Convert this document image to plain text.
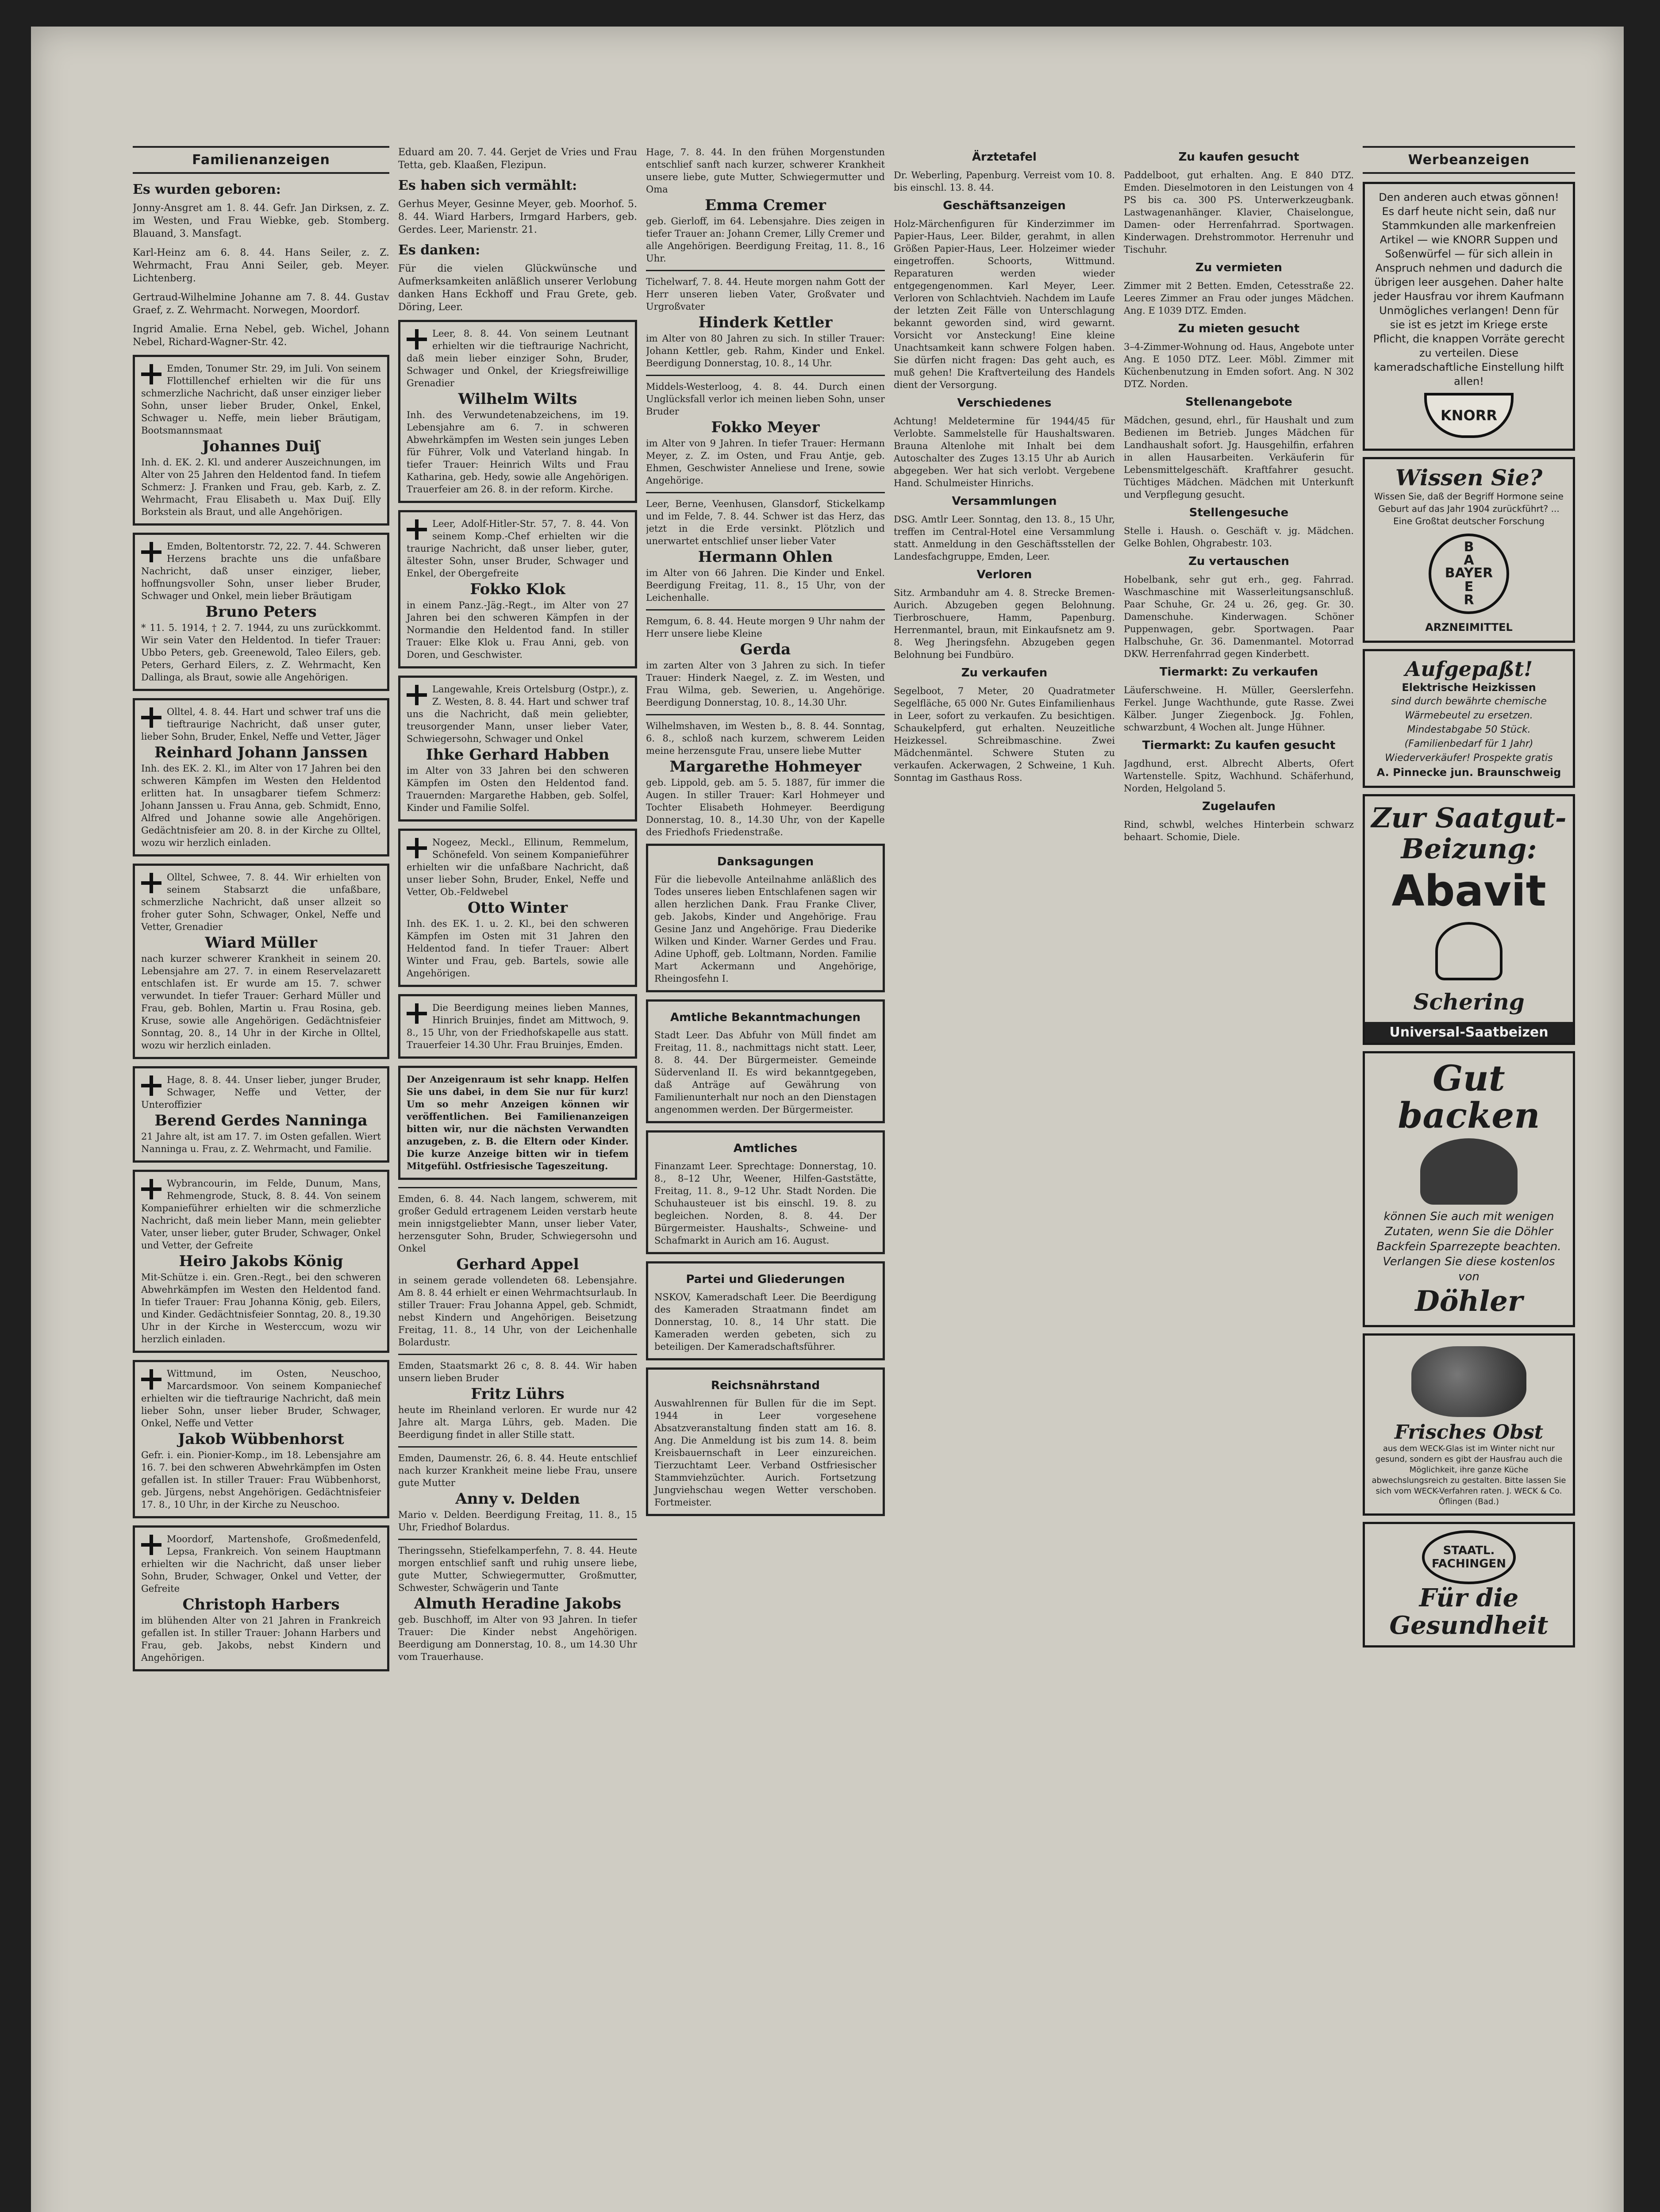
Familienanzeigen
Es wurden geboren:

Jonny-Ansgret am 1. 8. 44. Gefr. Jan Dirksen, z. Z. im Westen, und Frau Wiebke, geb. Stomberg. Blauand, 3. Mansfagt.

Karl-Heinz am 6. 8. 44. Hans Seiler, z. Z. Wehrmacht, Frau Anni Seiler, geb. Meyer. Lichtenberg.

Gertraud-Wilhelmine Johanne am 7. 8. 44. Gustav Graef, z. Z. Wehrmacht. Norwegen, Moordorf.

Ingrid Amalie. Erna Nebel, geb. Wichel, Johann Nebel, Richard-Wagner-Str. 42.

Emden, Tonumer Str. 29, im Juli. Von seinem Flottillenchef erhielten wir die für uns schmerzliche Nachricht, daß unser einziger lieber Sohn, unser lieber Bruder, Onkel, Enkel, Schwager u. Neffe, mein lieber Bräutigam, Bootsmannsmaat
Johannes Duiʃ
Inh. d. EK. 2. Kl. und anderer Auszeichnungen, im Alter von 25 Jahren den Heldentod fand. In tiefem Schmerz: J. Franken und Frau, geb. Karb, z. Z. Wehrmacht, Frau Elisabeth u. Max Duiʃ. Elly Borkstein als Braut, und alle Angehörigen.
Emden, Boltentorstr. 72, 22. 7. 44. Schweren Herzens brachte uns die unfaßbare Nachricht, daß unser einziger, lieber, hoffnungsvoller Sohn, unser lieber Bruder, Schwager und Onkel, mein lieber Bräutigam
Bruno Peters
* 11. 5. 1914, † 2. 7. 1944, zu uns zurückkommt. Wir sein Vater den Heldentod. In tiefer Trauer: Ubbo Peters, geb. Greenewold, Taleo Eilers, geb. Peters, Gerhard Eilers, z. Z. Wehrmacht, Ken Dallinga, als Braut, sowie alle Angehörigen.
Olltel, 4. 8. 44. Hart und schwer traf uns die tieftraurige Nachricht, daß unser guter, lieber Sohn, Bruder, Enkel, Neffe und Vetter, Jäger
Reinhard Johann Janssen
Inh. des EK. 2. Kl., im Alter von 17 Jahren bei den schweren Kämpfen im Westen den Heldentod erlitten hat. In unsagbarer tiefem Schmerz: Johann Janssen u. Frau Anna, geb. Schmidt, Enno, Alfred und Johanne sowie alle Angehörigen. Gedächtnisfeier am 20. 8. in der Kirche zu Olltel, wozu wir herzlich einladen.
Olltel, Schwee, 7. 8. 44. Wir erhielten von seinem Stabsarzt die unfaßbare, schmerzliche Nachricht, daß unser allzeit so froher guter Sohn, Schwager, Onkel, Neffe und Vetter, Grenadier
Wiard Müller
nach kurzer schwerer Krankheit in seinem 20. Lebensjahre am 27. 7. in einem Reservelazarett entschlafen ist. Er wurde am 15. 7. schwer verwundet. In tiefer Trauer: Gerhard Müller und Frau, geb. Bohlen, Martin u. Frau Rosina, geb. Kruse, sowie alle Angehörigen. Gedächtnisfeier Sonntag, 20. 8., 14 Uhr in der Kirche in Olltel, wozu wir herzlich einladen.
Hage, 8. 8. 44. Unser lieber, junger Bruder, Schwager, Neffe und Vetter, der Unteroffizier
Berend Gerdes Nanninga
21 Jahre alt, ist am 17. 7. im Osten gefallen. Wiert Nanninga u. Frau, z. Z. Wehrmacht, und Familie.
Wybrancourin, im Felde, Dunum, Mans, Rehmengrode, Stuck, 8. 8. 44. Von seinem Kompanieführer erhielten wir die schmerzliche Nachricht, daß mein lieber Mann, mein geliebter Vater, unser lieber, guter Bruder, Schwager, Onkel und Vetter, der Gefreite
Heiro Jakobs König
Mit-Schütze i. ein. Gren.-Regt., bei den schweren Abwehrkämpfen im Westen den Heldentod fand. In tiefer Trauer: Frau Johanna König, geb. Eilers, und Kinder. Gedächtnisfeier Sonntag, 20. 8., 19.30 Uhr in der Kirche in Westerccum, wozu wir herzlich einladen.
Wittmund, im Osten, Neuschoo, Marcardsmoor. Von seinem Kompaniechef erhielten wir die tieftraurige Nachricht, daß mein lieber Sohn, unser lieber Bruder, Schwager, Onkel, Neffe und Vetter
Jakob Wübbenhorst
Gefr. i. ein. Pionier-Komp., im 18. Lebensjahre am 16. 7. bei den schweren Abwehrkämpfen im Osten gefallen ist. In stiller Trauer: Frau Wübbenhorst, geb. Jürgens, nebst Angehörigen. Gedächtnisfeier 17. 8., 10 Uhr, in der Kirche zu Neuschoo.
Moordorf, Martenshofe, Großmedenfeld, Lepsa, Frankreich. Von seinem Hauptmann erhielten wir die Nachricht, daß unser lieber Sohn, Bruder, Schwager, Onkel und Vetter, der Gefreite
Christoph Harbers
im blühenden Alter von 21 Jahren in Frankreich gefallen ist. In stiller Trauer: Johann Harbers und Frau, geb. Jakobs, nebst Kindern und Angehörigen.

Eduard am 20. 7. 44. Gerjet de Vries und Frau Tetta, geb. Klaaßen, Flezipun.

Es haben sich vermählt:

Gerhus Meyer, Gesinne Meyer, geb. Moorhof. 5. 8. 44. Wiard Harbers, Irmgard Harbers, geb. Gerdes. Leer, Marienstr. 21.

Es danken:

Für die vielen Glückwünsche und Aufmerksamkeiten anläßlich unserer Verlobung danken Hans Eckhoff und Frau Grete, geb. Döring, Leer.

Leer, 8. 8. 44. Von seinem Leutnant erhielten wir die tieftraurige Nachricht, daß mein lieber einziger Sohn, Bruder, Schwager und Onkel, der Kriegsfreiwillige Grenadier
Wilhelm Wilts
Inh. des Verwundetenabzeichens, im 19. Lebensjahre am 6. 7. in schweren Abwehrkämpfen im Westen sein junges Leben für Führer, Volk und Vaterland hingab. In tiefer Trauer: Heinrich Wilts und Frau Katharina, geb. Hedy, sowie alle Angehörigen. Trauerfeier am 26. 8. in der reform. Kirche.
Leer, Adolf-Hitler-Str. 57, 7. 8. 44. Von seinem Komp.-Chef erhielten wir die traurige Nachricht, daß unser lieber, guter, ältester Sohn, unser Bruder, Schwager und Enkel, der Obergefreite
Fokko Klok
in einem Panz.-Jäg.-Regt., im Alter von 27 Jahren bei den schweren Kämpfen in der Normandie den Heldentod fand. In stiller Trauer: Elke Klok u. Frau Anni, geb. von Doren, und Geschwister.
Langewahle, Kreis Ortelsburg (Ostpr.), z. Z. Westen, 8. 8. 44. Hart und schwer traf uns die Nachricht, daß mein geliebter, treusorgender Mann, unser lieber Vater, Schwiegersohn, Schwager und Onkel
Ihke Gerhard Habben
im Alter von 33 Jahren bei den schweren Kämpfen im Osten den Heldentod fand. Trauernden: Margarethe Habben, geb. Solfel, Kinder und Familie Solfel.
Nogeez, Meckl., Ellinum, Remmelum, Schönefeld. Von seinem Kompanieführer erhielten wir die unfaßbare Nachricht, daß unser lieber Sohn, Bruder, Enkel, Neffe und Vetter, Ob.-Feldwebel
Otto Winter
Inh. des EK. 1. u. 2. Kl., bei den schweren Kämpfen im Osten mit 31 Jahren den Heldentod fand. In tiefer Trauer: Albert Winter und Frau, geb. Bartels, sowie alle Angehörigen.
Die Beerdigung meines lieben Mannes, Hinrich Bruinjes, findet am Mittwoch, 9. 8., 15 Uhr, von der Friedhofskapelle aus statt. Trauerfeier 14.30 Uhr. Frau Bruinjes, Emden.
Der Anzeigenraum ist sehr knapp. Helfen Sie uns dabei, in dem Sie nur für kurz! Um so mehr Anzeigen können wir veröffentlichen. Bei Familienanzeigen bitten wir, nur die nächsten Verwandten anzugeben, z. B. die Eltern oder Kinder. Die kurze Anzeige bitten wir in tiefem Mitgefühl. Ostfriesische Tageszeitung.

Emden, 6. 8. 44. Nach langem, schwerem, mit großer Geduld ertragenem Leiden verstarb heute mein innigstgeliebter Mann, unser lieber Vater, herzensguter Sohn, Bruder, Schwiegersohn und Onkel
Gerhard Appel
in seinem gerade vollendeten 68. Lebensjahre. Am 8. 8. 44 erhielt er einen Wehrmachtsurlaub. In stiller Trauer: Frau Johanna Appel, geb. Schmidt, nebst Kindern und Angehörigen. Beisetzung Freitag, 11. 8., 14 Uhr, von der Leichenhalle Bolardustr.

Emden, Staatsmarkt 26 c, 8. 8. 44. Wir haben unsern lieben Bruder
Fritz Lührs
heute im Rheinland verloren. Er wurde nur 42 Jahre alt. Marga Lührs, geb. Maden. Die Beerdigung findet in aller Stille statt.

Emden, Daumenstr. 26, 6. 8. 44. Heute entschlief nach kurzer Krankheit meine liebe Frau, unsere gute Mutter
Anny v. Delden
Mario v. Delden. Beerdigung Freitag, 11. 8., 15 Uhr, Friedhof Bolardus.

Theringssehn, Stiefelkamperfehn, 7. 8. 44. Heute morgen entschlief sanft und ruhig unsere liebe, gute Mutter, Schwiegermutter, Großmutter, Schwester, Schwägerin und Tante
Almuth Heradine Jakobs
geb. Buschhoff, im Alter von 93 Jahren. In tiefer Trauer: Die Kinder nebst Angehörigen. Beerdigung am Donnerstag, 10. 8., um 14.30 Uhr vom Trauerhause.

Hage, 7. 8. 44. In den frühen Morgenstunden entschlief sanft nach kurzer, schwerer Krankheit unsere liebe, gute Mutter, Schwiegermutter und Oma
Emma Cremer
geb. Gierloff, im 64. Lebensjahre. Dies zeigen in tiefer Trauer an: Johann Cremer, Lilly Cremer und alle Angehörigen. Beerdigung Freitag, 11. 8., 16 Uhr.

Tichelwarf, 7. 8. 44. Heute morgen nahm Gott der Herr unseren lieben Vater, Großvater und Urgroßvater
Hinderk Kettler
im Alter von 80 Jahren zu sich. In stiller Trauer: Johann Kettler, geb. Rahm, Kinder und Enkel. Beerdigung Donnerstag, 10. 8., 14 Uhr.

Middels-Westerloog, 4. 8. 44. Durch einen Unglücksfall verlor ich meinen lieben Sohn, unser Bruder
Fokko Meyer
im Alter von 9 Jahren. In tiefer Trauer: Hermann Meyer, z. Z. im Osten, und Frau Antje, geb. Ehmen, Geschwister Anneliese und Irene, sowie Angehörige.

Leer, Berne, Veenhusen, Glansdorf, Stickelkamp und im Felde, 7. 8. 44. Schwer ist das Herz, das jetzt in die Erde versinkt. Plötzlich und unerwartet entschlief unser lieber Vater
Hermann Ohlen
im Alter von 66 Jahren. Die Kinder und Enkel. Beerdigung Freitag, 11. 8., 15 Uhr, von der Leichenhalle.

Remgum, 6. 8. 44. Heute morgen 9 Uhr nahm der Herr unsere liebe Kleine
Gerda
im zarten Alter von 3 Jahren zu sich. In tiefer Trauer: Hinderk Naegel, z. Z. im Westen, und Frau Wilma, geb. Sewerien, u. Angehörige. Beerdigung Donnerstag, 10. 8., 14.30 Uhr.

Wilhelmshaven, im Westen b., 8. 8. 44. Sonntag, 6. 8., schloß nach kurzem, schwerem Leiden meine herzensgute Frau, unsere liebe Mutter
Margarethe Hohmeyer
geb. Lippold, geb. am 5. 5. 1887, für immer die Augen. In stiller Trauer: Karl Hohmeyer und Tochter Elisabeth Hohmeyer. Beerdigung Donnerstag, 10. 8., 14.30 Uhr, von der Kapelle des Friedhofs Friedenstraße.

Danksagungen
Für die liebevolle Anteilnahme anläßlich des Todes unseres lieben Entschlafenen sagen wir allen herzlichen Dank. Frau Franke Cliver, geb. Jakobs, Kinder und Angehörige. Frau Gesine Janz und Angehörige. Frau Diederike Wilken und Kinder. Warner Gerdes und Frau. Adine Uphoff, geb. Loltmann, Norden. Familie Mart Ackermann und Angehörige, Rheingosfehn I.
Amtliche Bekanntmachungen
Stadt Leer. Das Abfuhr von Müll findet am Freitag, 11. 8., nachmittags nicht statt. Leer, 8. 8. 44. Der Bürgermeister. Gemeinde Südervenland II. Es wird bekanntgegeben, daß Anträge auf Gewährung von Familienunterhalt nur noch an den Dienstagen angenommen werden. Der Bürgermeister.
Amtliches
Finanzamt Leer. Sprechtage: Donnerstag, 10. 8., 8–12 Uhr, Weener, Hilfen-Gaststätte, Freitag, 11. 8., 9–12 Uhr. Stadt Norden. Die Schuhausteuer ist bis einschl. 19. 8. zu begleichen. Norden, 8. 8. 44. Der Bürgermeister. Haushalts-, Schweine- und Schafmarkt in Aurich am 16. August.
Partei und Gliederungen
NSKOV, Kameradschaft Leer. Die Beerdigung des Kameraden Straatmann findet am Donnerstag, 10. 8., 14 Uhr statt. Die Kameraden werden gebeten, sich zu beteiligen. Der Kameradschaftsführer.
Reichsnährstand
Auswahlrennen für Bullen für die im Sept. 1944 in Leer vorgesehene Absatzveranstaltung finden statt am 16. 8. Ang. Die Anmeldung ist bis zum 14. 8. beim Kreisbauernschaft in Leer einzureichen. Tierzuchtamt Leer. Verband Ostfriesischer Stammviehzüchter. Aurich. Fortsetzung Jungviehschau wegen Wetter verschoben. Fortmeister.
Ärztetafel

Dr. Weberling, Papenburg. Verreist vom 10. 8. bis einschl. 13. 8. 44.

Geschäftsanzeigen

Holz-Märchenfiguren für Kinderzimmer im Papier-Haus, Leer. Bilder, gerahmt, in allen Größen Papier-Haus, Leer. Holzeimer wieder eingetroffen. Schoorts, Wittmund. Reparaturen werden wieder entgegengenommen. Karl Meyer, Leer. Verloren von Schlachtvieh. Nachdem im Laufe der letzten Zeit Fälle von Unterschlagung bekannt geworden sind, wird gewarnt. Vorsicht vor Ansteckung! Eine kleine Unachtsamkeit kann schwere Folgen haben. Sie dürfen nicht fragen: Das geht auch, es muß gehen! Die Kraftverteilung des Handels dient der Versorgung.

Verschiedenes

Achtung! Meldetermine für 1944/45 für Verlobte. Sammelstelle für Haushaltswaren. Brauna Altenlohe mit Inhalt bei dem Autoschalter des Zuges 13.15 Uhr ab Aurich abgegeben. Wer hat sich verlobt. Vergebene Hand. Schulmeister Hinrichs.

Versammlungen

DSG. Amtlr Leer. Sonntag, den 13. 8., 15 Uhr, treffen im Central-Hotel eine Versammlung statt. Anmeldung in den Geschäftsstellen der Landesfachgruppe, Emden, Leer.

Verloren

Sitz. Armbanduhr am 4. 8. Strecke Bremen-Aurich. Abzugeben gegen Belohnung. Tierbroschuere, Hamm, Papenburg. Herrenmantel, braun, mit Einkaufsnetz am 9. 8. Weg Jheringsfehn. Abzugeben gegen Belohnung bei Fundbüro.

Zu verkaufen

Segelboot, 7 Meter, 20 Quadratmeter Segelfläche, 65 000 Nr. Gutes Einfamilienhaus in Leer, sofort zu verkaufen. Zu besichtigen. Schaukelpferd, gut erhalten. Neuzeitliche Heizkessel. Schreibmaschine. Zwei Mädchenmäntel. Schwere Stuten zu verkaufen. Ackerwagen, 2 Schweine, 1 Kuh. Sonntag im Gasthaus Ross.

Zu kaufen gesucht

Paddelboot, gut erhalten. Ang. E 840 DTZ. Emden. Dieselmotoren in den Leistungen von 4 PS bis ca. 300 PS. Unterwerkzeugbank. Lastwagenanhänger. Klavier, Chaiselongue, Damen- oder Herrenfahrrad. Sportwagen. Kinderwagen. Drehstrommotor. Herrenuhr und Tischuhr.

Zu vermieten

Zimmer mit 2 Betten. Emden, Cetesstraße 22. Leeres Zimmer an Frau oder junges Mädchen. Ang. E 1039 DTZ. Emden.

Zu mieten gesucht

3–4-Zimmer-Wohnung od. Haus, Angebote unter Ang. E 1050 DTZ. Leer. Möbl. Zimmer mit Küchenbenutzung in Emden sofort. Ang. N 302 DTZ. Norden.

Stellenangebote

Mädchen, gesund, ehrl., für Haushalt und zum Bedienen im Betrieb. Junges Mädchen für Landhaushalt sofort. Jg. Hausgehilfin, erfahren in allen Hausarbeiten. Verkäuferin für Lebensmittelgeschäft. Kraftfahrer gesucht. Tüchtiges Mädchen. Mädchen mit Unterkunft und Verpflegung gesucht.

Stellengesuche

Stelle i. Haush. o. Geschäft v. jg. Mädchen. Gelke Bohlen, Ohgrabestr. 103.

Zu vertauschen

Hobelbank, sehr gut erh., geg. Fahrrad. Waschmaschine mit Wasserleitungsanschluß. Paar Schuhe, Gr. 24 u. 26, geg. Gr. 30. Damenschuhe. Kinderwagen. Schöner Puppenwagen, gebr. Sportwagen. Paar Halbschuhe, Gr. 36. Damenmantel. Motorrad DKW. Herrenfahrrad gegen Kinderbett.

Tiermarkt: Zu verkaufen

Läuferschweine. H. Müller, Geerslerfehn. Ferkel. Junge Wachthunde, gute Rasse. Zwei Kälber. Junger Ziegenbock. Jg. Fohlen, schwarzbunt, 4 Wochen alt. Junge Hühner.

Tiermarkt: Zu kaufen gesucht

Jagdhund, erst. Albrecht Alberts, Ofert Wartenstelle. Spitz, Wachhund. Schäferhund, Norden, Helgoland 5.

Zugelaufen

Rind, schwbl, welches Hinterbein schwarz behaart. Schomie, Diele.

Werbeanzeigen
Den anderen auch etwas gönnen! Es darf heute nicht sein, daß nur Stammkunden alle markenfreien Artikel — wie KNORR Suppen und Soßenwürfel — für sich allein in Anspruch nehmen und dadurch die übrigen leer ausgehen. Daher halte jeder Hausfrau vor ihrem Kaufmann Unmögliches verlangen! Denn für sie ist es jetzt im Kriege erste Pflicht, die knappen Vorräte gerecht zu verteilen. Diese kameradschaftliche Einstellung hilft allen!
KNORR
Wissen Sie?
Wissen Sie, daß der Begriff Hormone seine Geburt auf das Jahr 1904 zurückführt? ... Eine Großtat deutscher Forschung
BAYER
B
A

E
R
ARZNEIMITTEL
Aufgepaßt!
Elektrische Heizkissen
sind durch bewährte chemische Wärmebeutel zu ersetzen. Mindestabgabe 50 Stück. (Familienbedarf für 1 Jahr) Wiederverkäufer! Prospekte gratis
A. Pinnecke jun. Braunschweig
Zur Saatgut-Beizung:
Abavit
Schering
Universal-Saatbeizen
Gut backen
können Sie auch mit wenigen Zutaten, wenn Sie die Döhler Backfein Sparrezepte beachten. Verlangen Sie diese kostenlos von
Döhler
Frisches Obst
aus dem WECK-Glas ist im Winter nicht nur gesund, sondern es gibt der Hausfrau auch die Möglichkeit, ihre ganze Küche abwechslungsreich zu gestalten. Bitte lassen Sie sich vom WECK-Verfahren raten. J. WECK & Co. Öflingen (Bad.)
STAATL. FACHINGEN
Für die Gesundheit
